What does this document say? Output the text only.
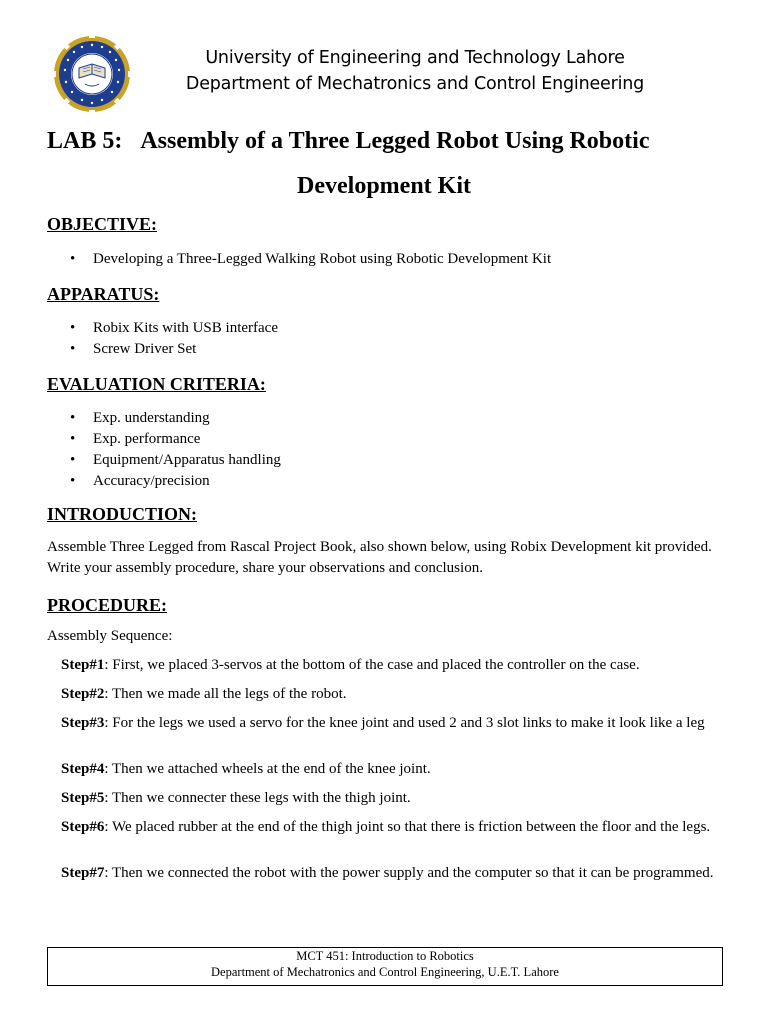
University of Engineering and Technology Lahore
Department of Mechatronics and Control Engineering
LAB 5: Assembly of a Three Legged Robot Using Robotic
Development Kit
OBJECTIVE:
• Developing a Three-Legged Walking Robot using Robotic Development Kit
APPARATUS:
• Robix Kits with USB interface
• Screw Driver Set
EVALUATION CRITERIA:
• Exp. understanding
• Exp. performance
• Equipment/Apparatus handling
• Accuracy/precision
INTRODUCTION:
Assemble Three Legged from Rascal Project Book, also shown below, using Robix Development kit provided.
Write your assembly procedure, share your observations and conclusion.
PROCEDURE:
Assembly Sequence:
Step#1: First, we placed 3-servos at the bottom of the case and placed the controller on the case.
Step#2: Then we made all the legs of the robot.
Step#3: For the legs we used a servo for the knee joint and used 2 and 3 slot links to make it look like a leg
Step#4: Then we attached wheels at the end of the knee joint.
Step#5: Then we connecter these legs with the thigh joint.
Step#6: We placed rubber at the end of the thigh joint so that there is friction between the floor and the legs.
Step#7: Then we connected the robot with the power supply and the computer so that it can be programmed.
MCT 451: Introduction to Robotics
Department of Mechatronics and Control Engineering, U.E.T. Lahore
